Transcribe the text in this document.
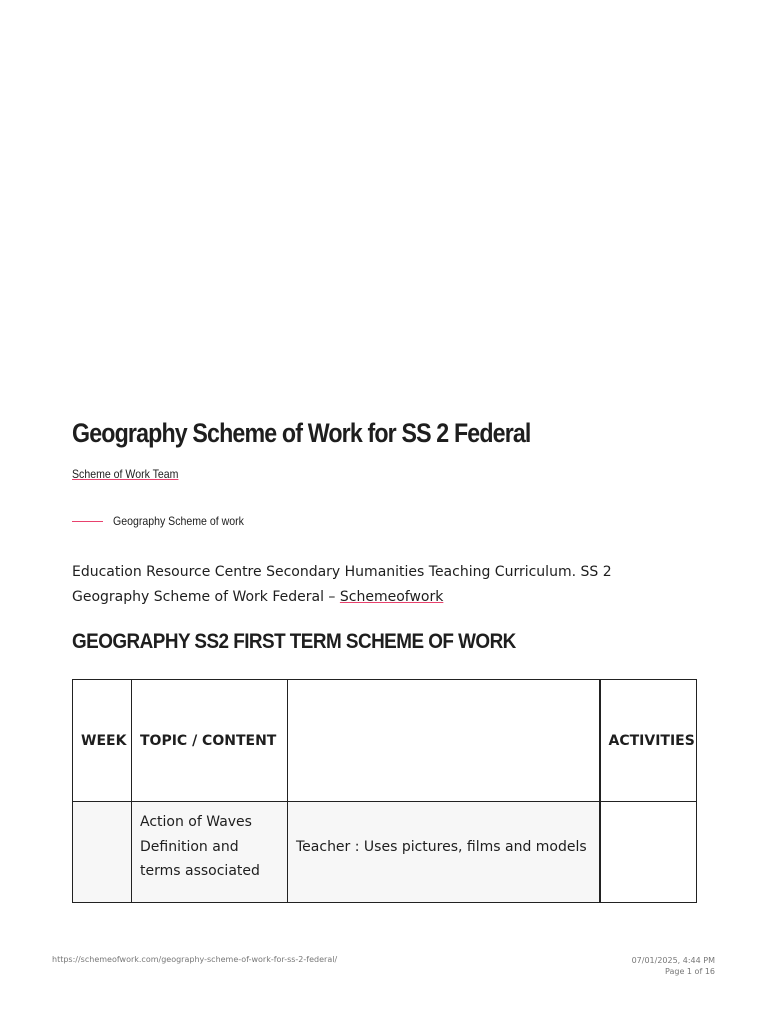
Geography Scheme of Work for SS 2 Federal
Scheme of Work Team
Geography Scheme of work

Education Resource Centre Secondary Humanities Teaching Curriculum. SS 2 Geography Scheme of Work Federal – Schemeofwork

GEOGRAPHY SS2 FIRST TERM SCHEME OF WORK
WEEK	TOPIC / CONTENT		ACTIVITIES
	Action of Waves Definition and terms associated	Teacher : Uses pictures, films and models	
https://schemeofwork.com/geography-scheme-of-work-for-ss-2-federal/	07/01/2025, 4:44 PM
Page 1 of 16
